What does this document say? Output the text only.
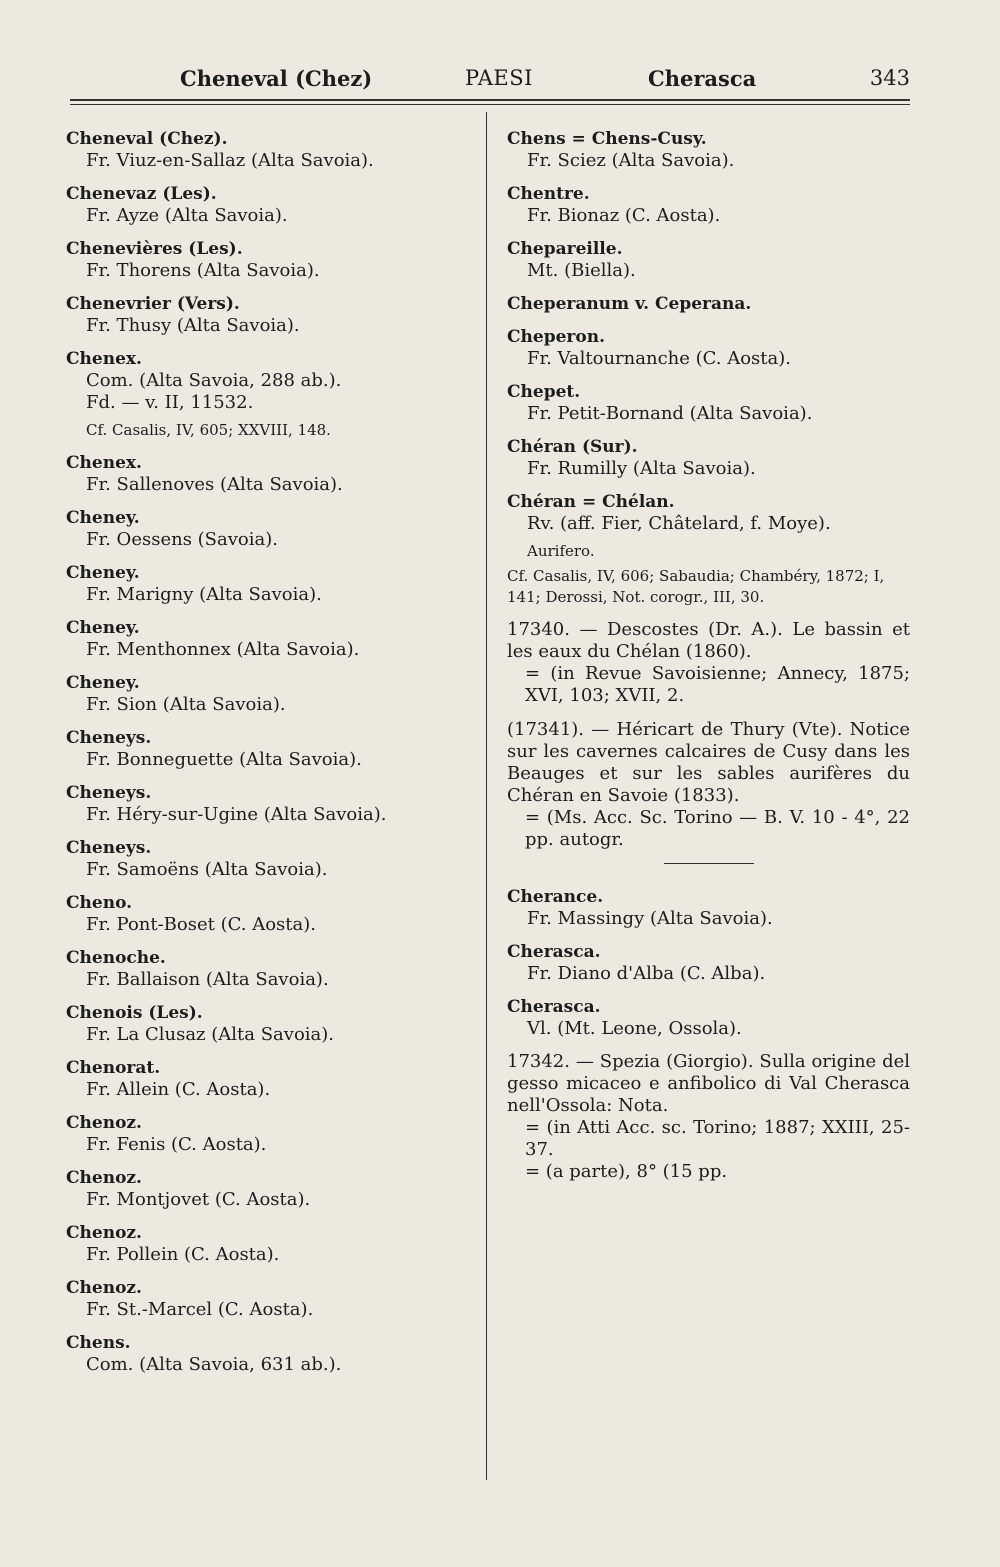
Cheneval (Chez)	PAESI	Cherasca	343
Cheneval (Chez).
Fr. Viuz-en-Sallaz (Alta Savoia).
Chenevaz (Les).
Fr. Ayze (Alta Savoia).
Chenevières (Les).
Fr. Thorens (Alta Savoia).
Chenevrier (Vers).
Fr. Thusy (Alta Savoia).
Chenex.
Com. (Alta Savoia, 288 ab.).
Fd. — v. II, 11532.
Cf. Casalis, IV, 605; XXVIII, 148.
Chenex.
Fr. Sallenoves (Alta Savoia).
Cheney.
Fr. Oessens (Savoia).
Cheney.
Fr. Marigny (Alta Savoia).
Cheney.
Fr. Menthonnex (Alta Savoia).
Cheney.
Fr. Sion (Alta Savoia).
Cheneys.
Fr. Bonneguette (Alta Savoia).
Cheneys.
Fr. Héry-sur-Ugine (Alta Savoia).
Cheneys.
Fr. Samoëns (Alta Savoia).
Cheno.
Fr. Pont-Boset (C. Aosta).
Chenoche.
Fr. Ballaison (Alta Savoia).
Chenois (Les).
Fr. La Clusaz (Alta Savoia).
Chenorat.
Fr. Allein (C. Aosta).
Chenoz.
Fr. Fenis (C. Aosta).
Chenoz.
Fr. Montjovet (C. Aosta).
Chenoz.
Fr. Pollein (C. Aosta).
Chenoz.
Fr. St.-Marcel (C. Aosta).
Chens.
Com. (Alta Savoia, 631 ab.).
Chens = Chens-Cusy.
Fr. Sciez (Alta Savoia).
Chentre.
Fr. Bionaz (C. Aosta).
Chepareille.
Mt. (Biella).
Cheperanum v. Ceperana.
Cheperon.
Fr. Valtournanche (C. Aosta).
Chepet.
Fr. Petit-Bornand (Alta Savoia).
Chéran (Sur).
Fr. Rumilly (Alta Savoia).
Chéran = Chélan.
Rv. (aff. Fier, Châtelard, f. Moye).
Aurifero.
Cf. Casalis, IV, 606; Sabaudia; Chambéry, 1872; I, 141; Derossi, Not. corogr., III, 30.
17340. — Descostes (Dr. A.). Le bassin et les eaux du Chélan (1860).
= (in Revue Savoisienne; Annecy, 1875; XVI, 103; XVII, 2.
(17341). — Héricart de Thury (Vte). Notice sur les cavernes calcaires de Cusy dans les Beauges et sur les sables aurifères du Chéran en Savoie (1833).
= (Ms. Acc. Sc. Torino — B. V. 10 - 4°, 22 pp. autogr.
Cherance.
Fr. Massingy (Alta Savoia).
Cherasca.
Fr. Diano d'Alba (C. Alba).
Cherasca.
Vl. (Mt. Leone, Ossola).
17342. — Spezia (Giorgio). Sulla origine del gesso micaceo e anfibolico di Val Cherasca nell'Ossola: Nota.
= (in Atti Acc. sc. Torino; 1887; XXIII, 25-37.
= (a parte), 8° (15 pp.
